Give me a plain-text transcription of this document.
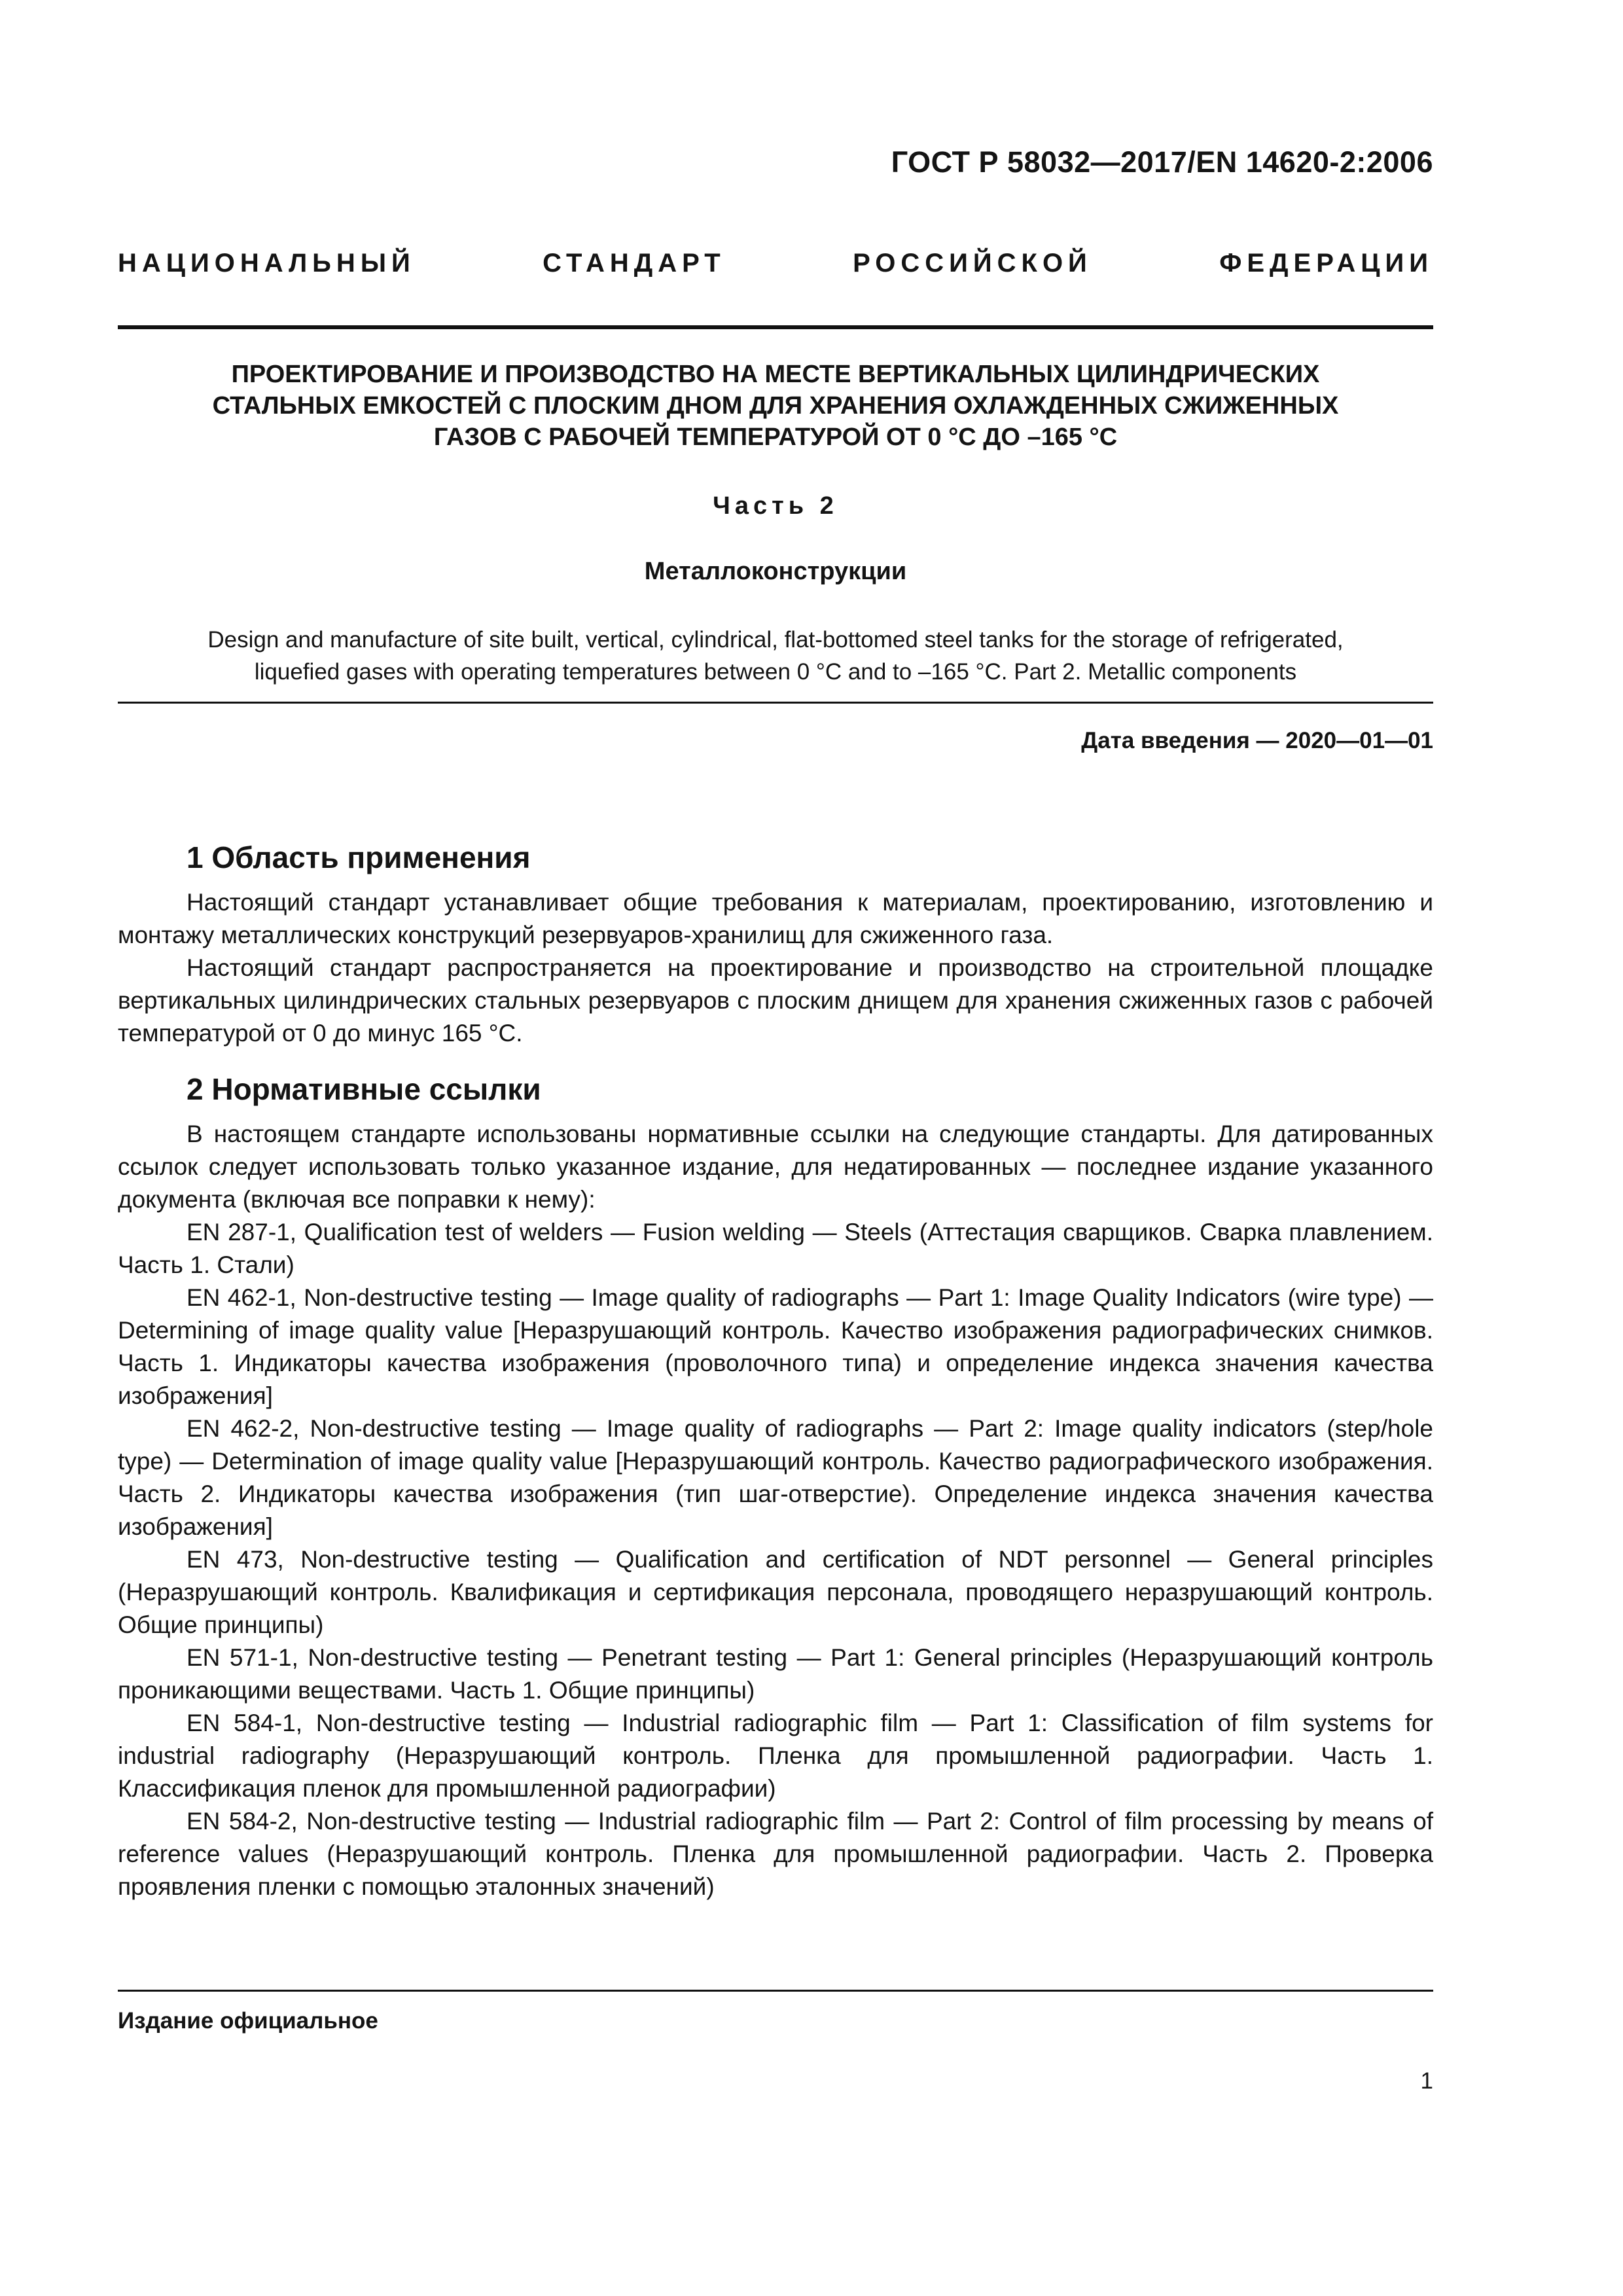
ГОСТ Р 58032—2017/EN 14620-2:2006
НАЦИОНАЛЬНЫЙ СТАНДАРТ РОССИЙСКОЙ ФЕДЕРАЦИИ
ПРОЕКТИРОВАНИЕ И ПРОИЗВОДСТВО НА МЕСТЕ ВЕРТИКАЛЬНЫХ ЦИЛИНДРИЧЕСКИХ
СТАЛЬНЫХ ЕМКОСТЕЙ С ПЛОСКИМ ДНОМ ДЛЯ ХРАНЕНИЯ ОХЛАЖДЕННЫХ СЖИЖЕННЫХ
ГАЗОВ С РАБОЧЕЙ ТЕМПЕРАТУРОЙ ОТ 0 °С ДО –165 °С
Часть 2
Металлоконструкции
Design and manufacture of site built, vertical, cylindrical, flat-bottomed steel tanks for the storage of refrigerated,
liquefied gases with operating temperatures between 0 °C and to –165 °C. Part 2. Metallic components
Дата введения — 2020—01—01
1 Область применения

Настоящий стандарт устанавливает общие требования к материалам, проектированию, изготовлению и монтажу металлических конструкций резервуаров-хранилищ для сжиженного газа.

Настоящий стандарт распространяется на проектирование и производство на строительной площадке вертикальных цилиндрических стальных резервуаров с плоским днищем для хранения сжиженных газов с рабочей температурой от 0 до минус 165 °С.

2 Нормативные ссылки

В настоящем стандарте использованы нормативные ссылки на следующие стандарты. Для датированных ссылок следует использовать только указанное издание, для недатированных — последнее издание указанного документа (включая все поправки к нему):

EN 287-1, Qualification test of welders — Fusion welding — Steels (Аттестация сварщиков. Сварка плавлением. Часть 1. Стали)

EN 462-1, Non-destructive testing — Image quality of radiographs — Part 1: Image Quality Indicators (wire type) — Determining of image quality value [Неразрушающий контроль. Качество изображения радиографических снимков. Часть 1. Индикаторы качества изображения (проволочного типа) и определение индекса значения качества изображения]

EN 462-2, Non-destructive testing — Image quality of radiographs — Part 2: Image quality indicators (step/hole type) — Determination of image quality value [Неразрушающий контроль. Качество радиографического изображения. Часть 2. Индикаторы качества изображения (тип шаг-отверстие). Определение индекса значения качества изображения]

EN 473, Non-destructive testing — Qualification and certification of NDT personnel — General principles (Неразрушающий контроль. Квалификация и сертификация персонала, проводящего неразрушающий контроль. Общие принципы)

EN 571-1, Non-destructive testing — Penetrant testing — Part 1: General principles (Неразрушающий контроль проникающими веществами. Часть 1. Общие принципы)

EN 584-1, Non-destructive testing — Industrial radiographic film — Part 1: Classification of film systems for industrial radiography (Неразрушающий контроль. Пленка для промышленной радиографии. Часть 1. Классификация пленок для промышленной радиографии)

EN 584-2, Non-destructive testing — Industrial radiographic film — Part 2: Control of film processing by means of reference values (Неразрушающий контроль. Пленка для промышленной радиографии. Часть 2. Проверка проявления пленки с помощью эталонных значений)

Издание официальное
1
